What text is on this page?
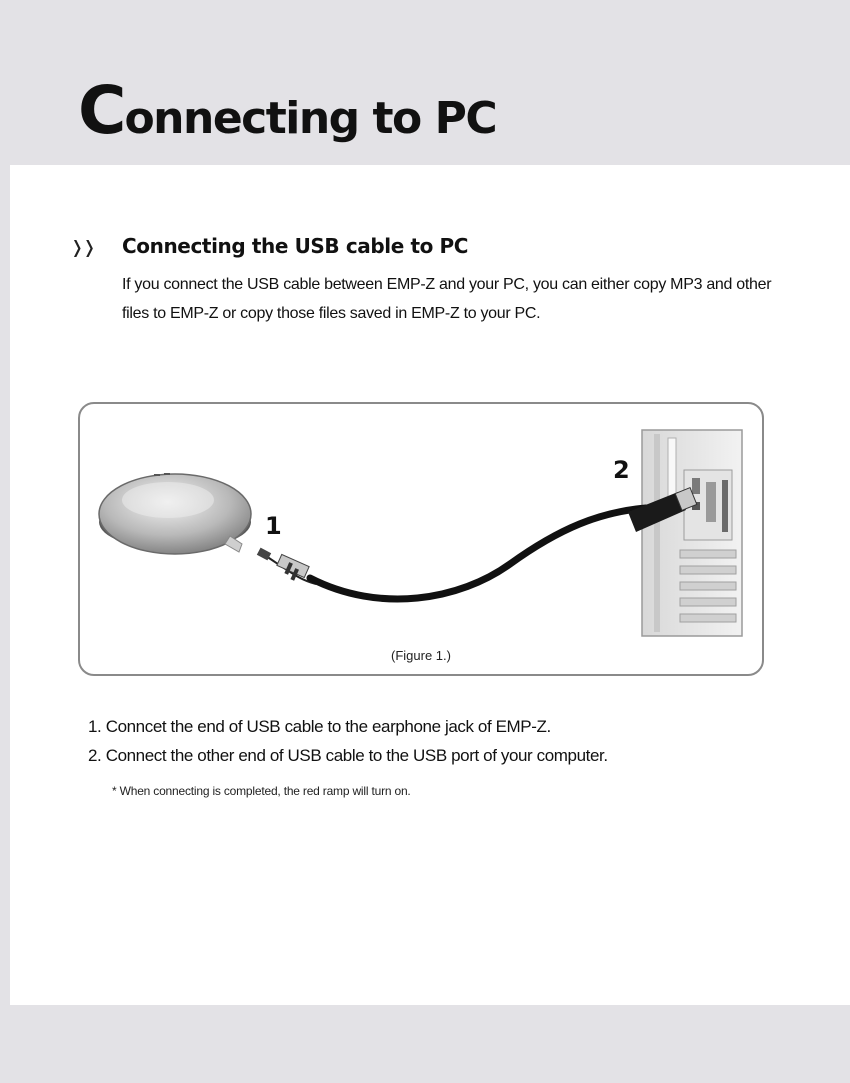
Connecting to PC
❭❭ Connecting the USB cable to PC

If you connect the USB cable between EMP-Z and your PC, you can either copy MP3 and other files to EMP-Z or copy those files saved in EMP-Z to your PC.

1
2
(Figure 1.)
1. Conncet the end of USB cable to the earphone jack of EMP-Z.
2. Connect the other end of USB cable to the USB port of your computer.

* When connecting is completed, the red ramp will turn on.
